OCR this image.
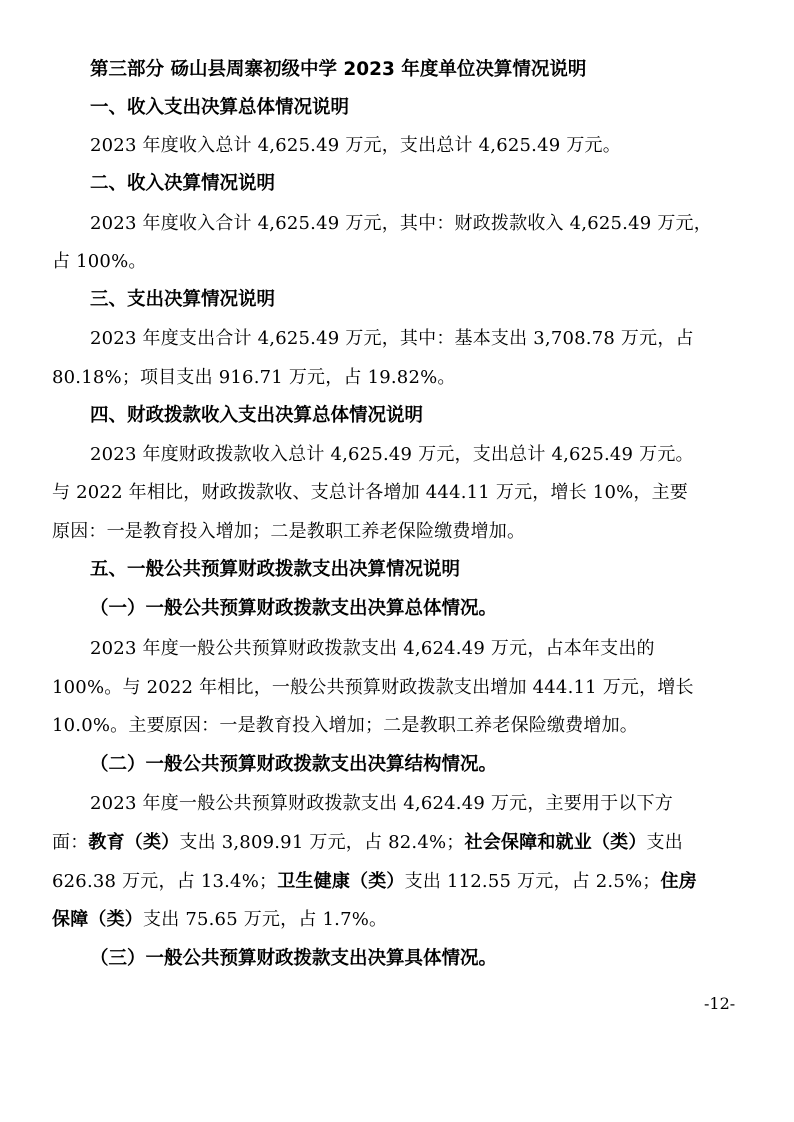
第三部分 砀山县周寨初级中学 2023 年度单位决算情况说明
一、收入支出决算总体情况说明
2023 年度收入总计 4,625.49 万元，支出总计 4,625.49 万元。
二、收入决算情况说明
2023 年度收入合计 4,625.49 万元，其中：财政拨款收入 4,625.49 万元，
占 100%。
三、支出决算情况说明
2023 年度支出合计 4,625.49 万元，其中：基本支出 3,708.78 万元，占
80.18%；项目支出 916.71 万元，占 19.82%。
四、财政拨款收入支出决算总体情况说明
2023 年度财政拨款收入总计 4,625.49 万元，支出总计 4,625.49 万元。
与 2022 年相比，财政拨款收、支总计各增加 444.11 万元，增长 10%，主要
原因：一是教育投入增加；二是教职工养老保险缴费增加。
五、一般公共预算财政拨款支出决算情况说明
（一）一般公共预算财政拨款支出决算总体情况。
2023 年度一般公共预算财政拨款支出 4,624.49 万元，占本年支出的
100%。与 2022 年相比，一般公共预算财政拨款支出增加 444.11 万元，增长
10.0%。主要原因：一是教育投入增加；二是教职工养老保险缴费增加。
（二）一般公共预算财政拨款支出决算结构情况。
2023 年度一般公共预算财政拨款支出 4,624.49 万元，主要用于以下方
面：教育（类）支出 3,809.91 万元，占 82.4%；社会保障和就业（类）支出
626.38 万元，占 13.4%；卫生健康（类）支出 112.55 万元，占 2.5%；住房
保障（类）支出 75.65 万元，占 1.7%。
（三）一般公共预算财政拨款支出决算具体情况。
-12-
